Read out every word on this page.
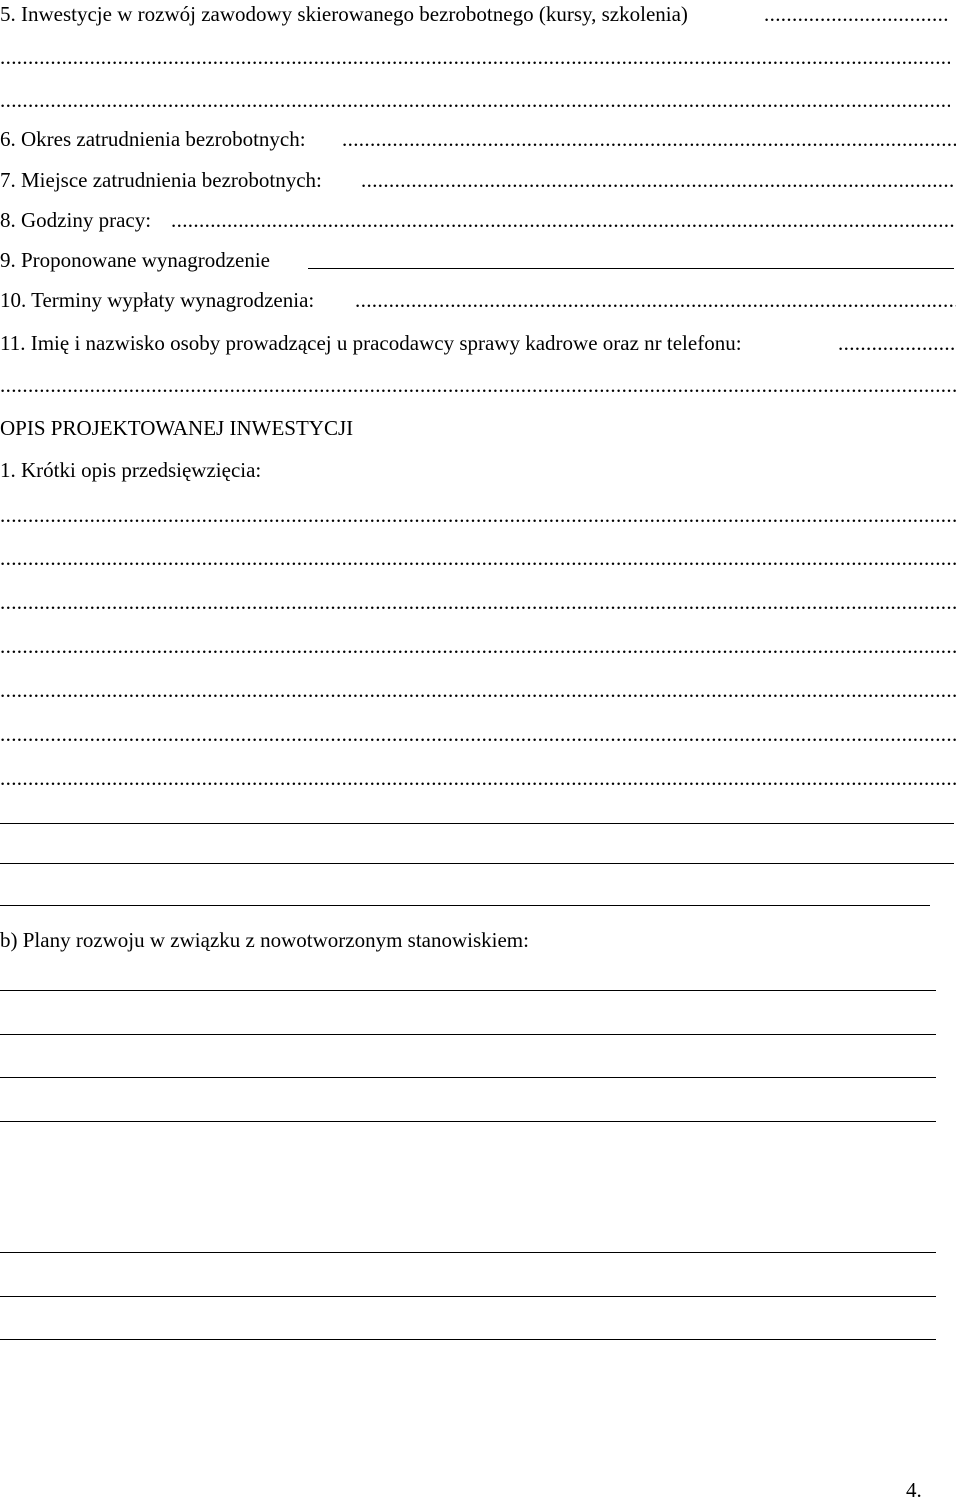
5. Inwestycje w rozwój zawodowy skierowanego bezrobotnego (kursy, szkolenia)
.....
.....
.....
6. Okres zatrudnienia bezrobotnych:
.....
7. Miejsce zatrudnienia bezrobotnych:
.....
8. Godziny pracy:
.....
9. Proponowane wynagrodzenie
10. Terminy wypłaty wynagrodzenia:
.....
11. Imię i nazwisko osoby prowadzącej u pracodawcy sprawy kadrowe oraz nr telefonu:
.....
.....
OPIS PROJEKTOWANEJ INWESTYCJI
1. Krótki opis przedsięwzięcia:
.....
.....
.....
.....
.....
.....
.....
b) Plany rozwoju w związku z nowotworzonym stanowiskiem:
4.
